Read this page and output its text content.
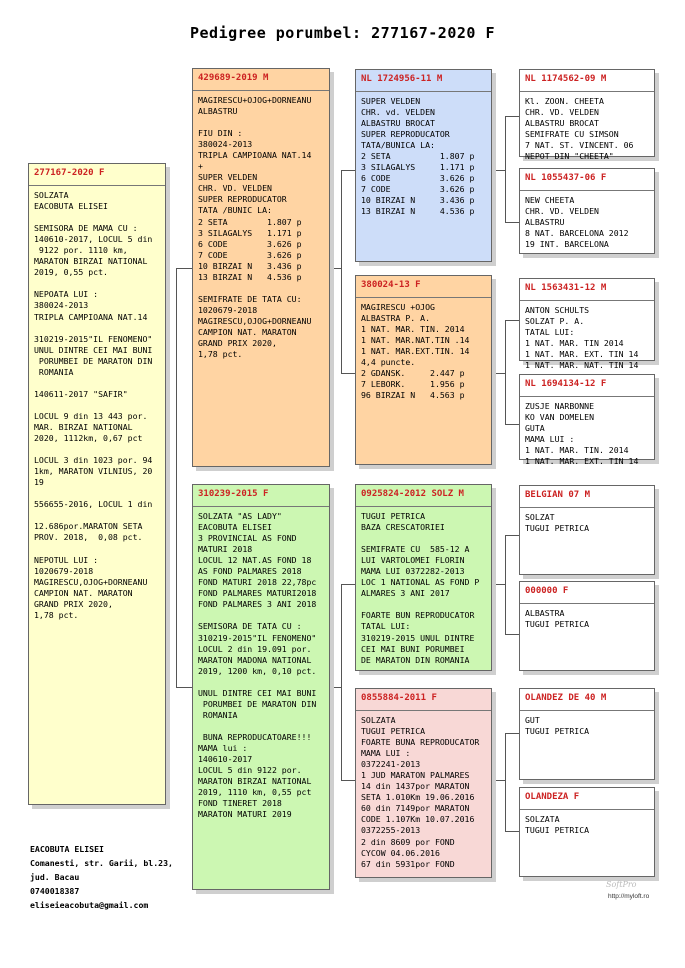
Pedigree porumbel: 277167-2020 F
277167-2020 F
SOLZATA
EACOBUTA ELISEI

SEMISORA DE MAMA CU :
140610-2017, LOCUL 5 din
9122 por. 1110 km,
MARATON BIRZAI NATIONAL
2019, 0,55 pct.

NEPOATA LUI :
380024-2013
TRIPLA CAMPIOANA NAT.14

310219-2015"IL FENOMENO"
UNUL DINTRE CEI MAI BUNI
PORUMBEI DE MARATON DIN
ROMANIA

140611-2017 "SAFIR"

LOCUL 9 din 13 443 por.
MAR. BIRZAI NATIONAL
2020, 1112km, 0,67 pct

LOCUL 3 din 1023 por. 94
1km, MARATON VILNIUS, 20
19

556655-2016, LOCUL 1 din

12.686por.MARATON SETA
PROV. 2018,  0,08 pct.

NEPOTUL LUI :
1020679-2018
MAGIRESCU,OJOG+DORNEANU
CAMPION NAT. MARATON
GRAND PRIX 2020,
1,78 pct.
429689-2019 M
MAGIRESCU+OJOG+DORNEANU
ALBASTRU

FIU DIN :
380024-2013
TRIPLA CAMPIOANA NAT.14
+
SUPER VELDEN
CHR. VD. VELDEN
SUPER REPRODUCATOR
TATA /BUNIC LA:
2 SETA        1.807 p
3 SILAGALYS   1.171 p
6 CODE        3.626 p
7 CODE        3.626 p
10 BIRZAI N   3.436 p
13 BIRZAI N   4.536 p

SEMIFRATE DE TATA CU:
1020679-2018
MAGIRESCU,OJOG+DORNEANU
CAMPION NAT. MARATON
GRAND PRIX 2020,
1,78 pct.
310239-2015 F
SOLZATA "AS LADY"
EACOBUTA ELISEI
3 PROVINCIAL AS FOND
MATURI 2018
LOCUL 12 NAT.AS FOND 18
AS FOND PALMARES 2018
FOND MATURI 2018 22,78pc
FOND PALMARES MATURI2018
FOND PALMARES 3 ANI 2018

SEMISORA DE TATA CU :
310219-2015"IL FENOMENO"
LOCUL 2 din 19.091 por.
MARATON MADONA NATIONAL
2019, 1200 km, 0,10 pct.

UNUL DINTRE CEI MAI BUNI
PORUMBEI DE MARATON DIN
ROMANIA

BUNA REPRODUCATOARE!!!
MAMA lui :
140610-2017
LOCUL 5 din 9122 por.
MARATON BIRZAI NATIONAL
2019, 1110 km, 0,55 pct
FOND TINERET 2018
MARATON MATURI 2019
NL 1724956-11 M
SUPER VELDEN
CHR. vd. VELDEN
ALBASTRU BROCAT
SUPER REPRODUCATOR
TATA/BUNICA LA:
2 SETA          1.807 p
3 SILAGALYS     1.171 p
6 CODE          3.626 p
7 CODE          3.626 p
10 BIRZAI N     3.436 p
13 BIRZAI N     4.536 p
380024-13 F
MAGIRESCU +OJOG
ALBASTRA P. A.
1 NAT. MAR. TIN. 2014
1 NAT. MAR.NAT.TIN .14
1 NAT. MAR.EXT.TIN. 14
4,4 puncte.
2 GDANSK.     2.447 p
7 LEBORK.     1.956 p
96 BIRZAI N   4.563 p
0925824-2012 SOLZ M
TUGUI PETRICA
BAZA CRESCATORIEI

SEMIFRATE CU  585-12 A
LUI VARTOLOMEI FLORIN
MAMA LUI 0372282-2013
LOC 1 NATIONAL AS FOND P
ALMARES 3 ANI 2017

FOARTE BUN REPRODUCATOR
TATAL LUI:
310219-2015 UNUL DINTRE
CEI MAI BUNI PORUMBEI
DE MARATON DIN ROMANIA
0855884-2011 F
SOLZATA
TUGUI PETRICA
FOARTE BUNA REPRODUCATOR
MAMA LUI :
0372241-2013
1 JUD MARATON PALMARES
14 din 1437por MARATON
SETA 1.010Km 19.06.2016
60 din 7149por MARATON
CODE 1.107Km 10.07.2016
0372255-2013
2 din 8609 por FOND
CYCOW 04.06.2016
67 din 5931por FOND
NL 1174562-09 M
Kl. ZOON. CHEETA
CHR. VD. VELDEN
ALBASTRU BROCAT
SEMIFRATE CU SIMSON
7 NAT. ST. VINCENT. 06
NEPOT DIN "CHEETA"
NL 1055437-06 F
NEW CHEETA
CHR. VD. VELDEN
ALBASTRU
8 NAT. BARCELONA 2012
19 INT. BARCELONA
NL 1563431-12 M
ANTON SCHULTS
SOLZAT P. A.
TATAL LUI:
1 NAT. MAR. TIN 2014
1 NAT. MAR. EXT. TIN 14
1 NAT. MAR. NAT. TIN 14
NL 1694134-12 F
ZUSJE NARBONNE
KO VAN DOMELEN
GUTA
MAMA LUI :
1 NAT. MAR. TIN. 2014
1 NAT. MAR. EXT. TIN 14
BELGIAN 07 M
SOLZAT
TUGUI PETRICA
000000 F
ALBASTRA
TUGUI PETRICA
OLANDEZ DE 40 M
GUT
TUGUI PETRICA
OLANDEZA F
SOLZATA
TUGUI PETRICA
EACOBUTA ELISEI
Comanesti, str. Garii, bl.23,
jud. Bacau
0740018387
eliseieacobuta@gmail.com
SoftPro
http://myloft.ro
